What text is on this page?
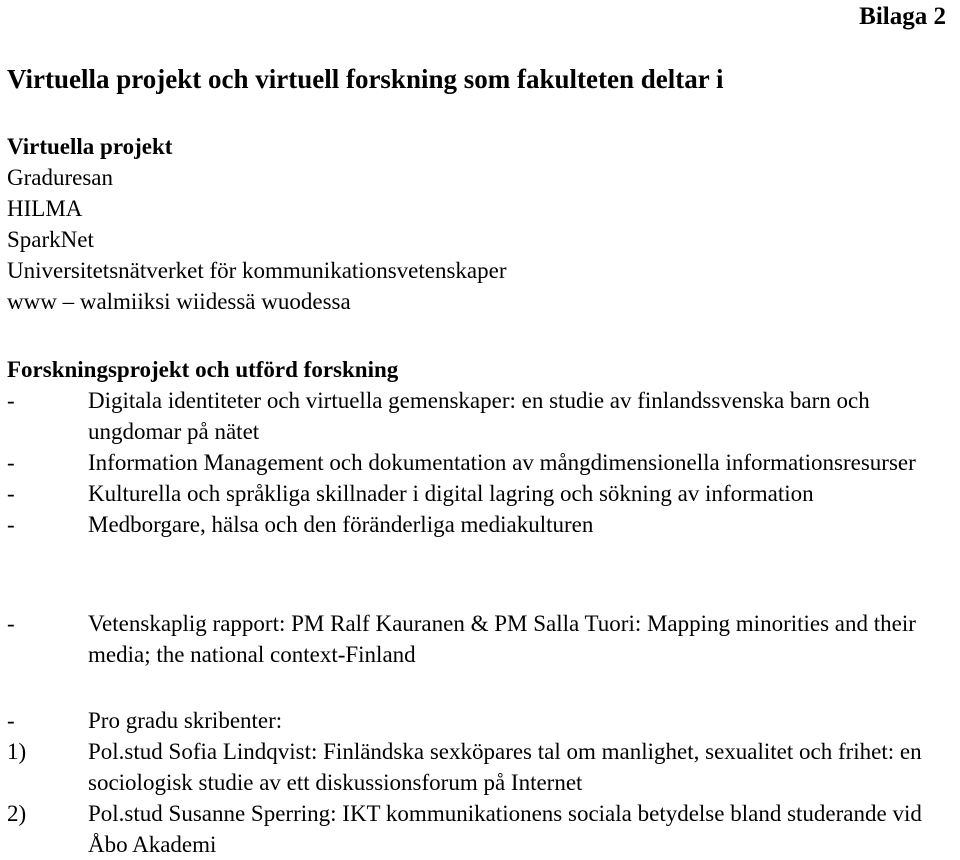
Bilaga 2
Virtuella projekt och virtuell forskning som fakulteten deltar i
Virtuella projekt
Graduresan
HILMA
SparkNet
Universitetsnätverket för kommunikationsvetenskaper
www – walmiiksi wiidessä wuodessa
Forskningsprojekt och utförd forskning
-	Digitala identiteter och virtuella gemenskaper: en studie av finlandssvenska barn och ungdomar på nätet
-	Information Management och dokumentation av mångdimensionella informationsresurser
-	Kulturella och språkliga skillnader i digital lagring och sökning av information
-	Medborgare, hälsa och den föränderliga mediakulturen
-	Vetenskaplig rapport: PM Ralf Kauranen & PM Salla Tuori: Mapping minorities and their media; the national context-Finland
-	Pro gradu skribenter:
1)	Pol.stud Sofia Lindqvist: Finländska sexköpares tal om manlighet, sexualitet och frihet: en sociologisk studie av ett diskussionsforum på Internet
2)	Pol.stud Susanne Sperring: IKT kommunikationens sociala betydelse bland studerande vid Åbo Akademi
